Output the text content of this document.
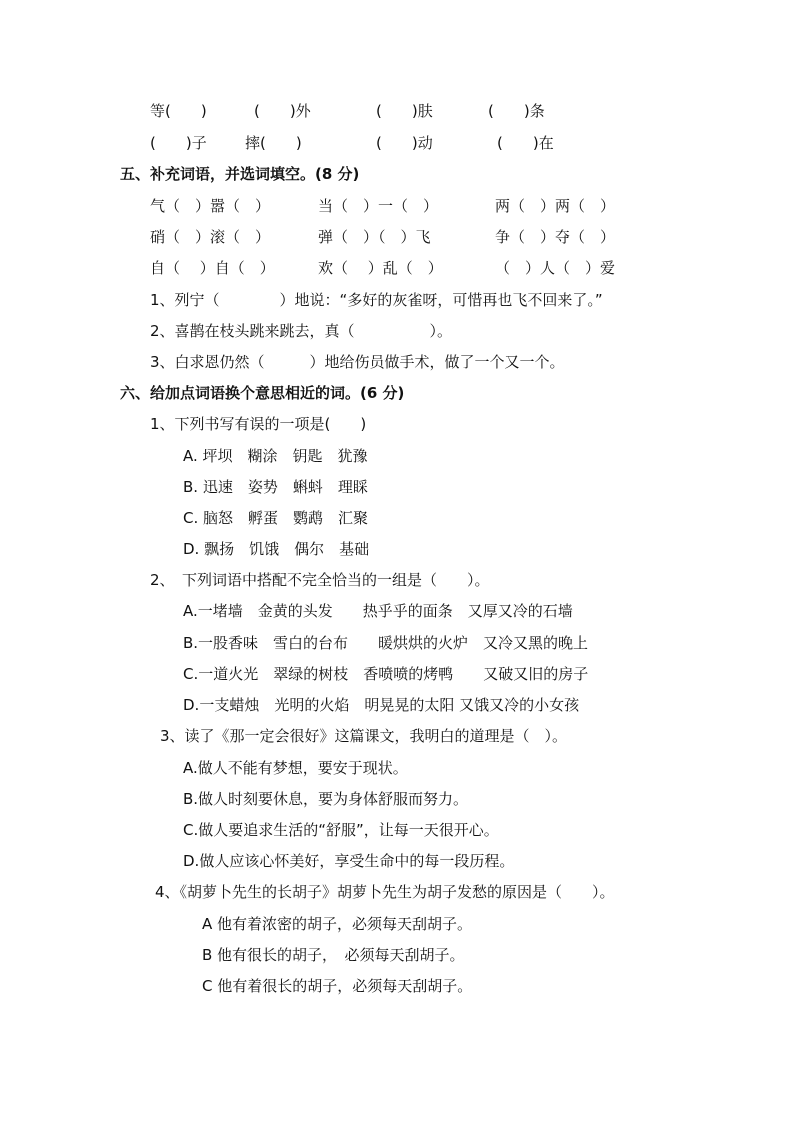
等(　　)	(　　)外	(　　)肤	(　　)条
(　　)子	摔(　　)	(　　)动	(　　)在
五、补充词语，并选词填空。(8 分)
气（　）嚣（　）	当（　）一（　）	两（　）两（　）
硝（　）滚（　）	弹（　）（　）飞	争（　）夺（　）
自（　 ）自（　）	欢（　 ）乱（　）	（　）人（　）爱
1、列宁（　　　　）地说：“多好的灰雀呀，可惜再也飞不回来了。”
2、喜鹊在枝头跳来跳去，真（　　　　　）。
3、白求恩仍然（　　　）地给伤员做手术，做了一个又一个。
六、给加点词语换个意思相近的词。(6 分)
1、下列书写有误的一项是(　　)
A. 坪坝　糊涂　钥匙　犹豫
B. 迅速　姿势　蝌蚪　理睬
C. 脑怒　孵蛋　鹦鹉　汇聚
D. 飘扬　饥饿　偶尔　基础
2、　下列词语中搭配不完全恰当的一组是（　　）。
A.一堵墙　金黄的头发　　热乎乎的面条　又厚又冷的石墙
B.一股香味　雪白的台布　　暖烘烘的火炉　又冷又黑的晚上
C.一道火光　翠绿的树枝　香喷喷的烤鸭　　又破又旧的房子
D.一支蜡烛　光明的火焰　明晃晃的太阳 又饿又冷的小女孩
3、读了《那一定会很好》这篇课文，我明白的道理是（　）。
A.做人不能有梦想，要安于现状。
B.做人时刻要休息，要为身体舒服而努力。
C.做人要追求生活的“舒服”，让每一天很开心。
D.做人应该心怀美好，享受生命中的每一段历程。
4、《胡萝卜先生的长胡子》胡萝卜先生为胡子发愁的原因是（　　）。
A 他有着浓密的胡子，必须每天刮胡子。
B 他有很长的胡子，　必须每天刮胡子。
C 他有着很长的胡子，必须每天刮胡子。
